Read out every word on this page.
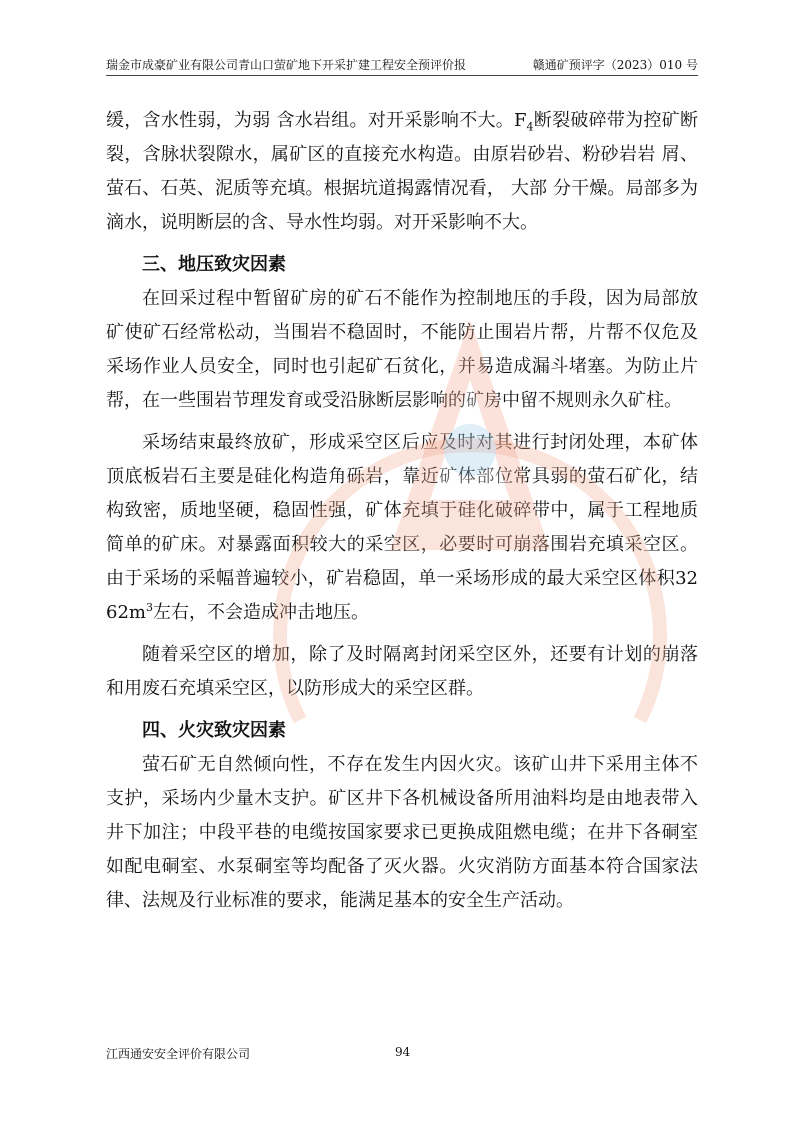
瑞金市成豪矿业有限公司青山口萤矿地下开采扩建工程安全预评价报	赣通矿预评字（2023）010 号

缓，含水性弱，为弱 含水岩组。对开采影响不大。$F_4$断裂破碎带为控矿断裂，含脉状裂隙水，属矿区的直接充水构造。由原岩砂岩、粉砂岩岩 屑、萤石、石英、泥质等充填。根据坑道揭露情况看， 大部 分干燥。局部多为滴水，说明断层的含、导水性均弱。对开采影响不大。

三、地压致灾因素

在回采过程中暂留矿房的矿石不能作为控制地压的手段，因为局部放矿使矿石经常松动，当围岩不稳固时，不能防止围岩片帮，片帮不仅危及采场作业人员安全，同时也引起矿石贫化，并易造成漏斗堵塞。为防止片帮，在一些围岩节理发育或受沿脉断层影响的矿房中留不规则永久矿柱。

采场结束最终放矿，形成采空区后应及时对其进行封闭处理，本矿体顶底板岩石主要是硅化构造角砾岩，靠近矿体部位常具弱的萤石矿化，结构致密，质地坚硬，稳固性强，矿体充填于硅化破碎带中，属于工程地质简单的矿床。对暴露面积较大的采空区，必要时可崩落围岩充填采空区。由于采场的采幅普遍较小，矿岩稳固，单一采场形成的最大采空区体积$3262m^3$左右，不会造成冲击地压。

随着采空区的增加，除了及时隔离封闭采空区外，还要有计划的崩落和用废石充填采空区，以防形成大的采空区群。

四、火灾致灾因素

萤石矿无自然倾向性，不存在发生内因火灾。该矿山井下采用主体不支护，采场内少量木支护。矿区井下各机械设备所用油料均是由地表带入井下加注；中段平巷的电缆按国家要求已更换成阻燃电缆；在井下各硐室如配电硐室、水泵硐室等均配备了灭火器。火灾消防方面基本符合国家法律、法规及行业标准的要求，能满足基本的安全生产活动。

江西通安安全评价有限公司	94
